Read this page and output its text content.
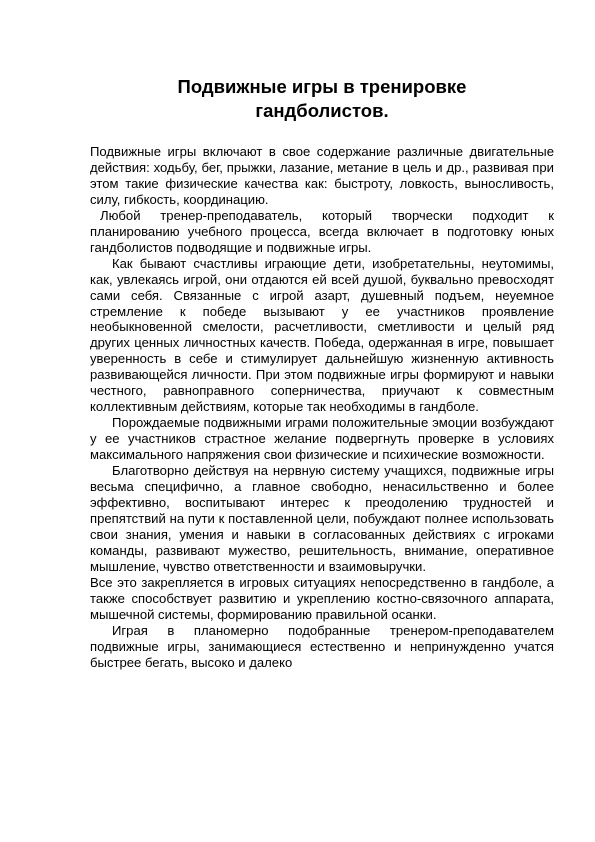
Подвижные игры в тренировке
гандболистов.

Подвижные игры включают в свое содержание различные двигательные действия: ходьбу, бег, прыжки, лазание, метание в цель и др., развивая при этом такие физические качества как: быстроту, ловкость, выносливость, силу, гибкость, координацию.

Любой тренер-преподаватель, который творчески подходит к планированию учебного процесса, всегда включает в подготовку юных гандболистов подводящие и подвижные игры.

Как бывают счастливы играющие дети, изобретательны, неутомимы, как, увлекаясь игрой, они отдаются ей всей душой, буквально превосходят сами себя. Связанные с игрой азарт, душевный подъем, неуемное стремление к победе вызывают у ее участников проявление необыкновенной смелости, расчетливости, сметливости и целый ряд других ценных личностных качеств. Победа, одержанная в игре, повышает уверенность в себе и стимулирует дальнейшую жизненную активность развивающейся личности. При этом подвижные игры формируют и навыки честного, равноправного соперничества, приучают к совместным коллективным действиям, которые так необходимы в гандболе.

Порождаемые подвижными играми положительные эмоции возбуждают у ее участников страстное желание подвергнуть проверке в условиях максимального напряжения свои физические и психические возможности.

Благотворно действуя на нервную систему учащихся, подвижные игры весьма специфично, а главное свободно, ненасильственно и более эффективно, воспитывают интерес к преодолению трудностей и препятствий на пути к поставленной цели, побуждают полнее использовать свои знания, умения и навыки в согласованных действиях с игроками команды, развивают мужество, решительность, внимание, оперативное мышление, чувство ответственности и взаимовыручки.

Все это закрепляется в игровых ситуациях непосредственно в гандболе, а также способствует развитию и укреплению костно-связочного аппарата, мышечной системы, формированию правильной осанки.

Играя в планомерно подобранные тренером-преподавателем подвижные игры, занимающиеся естественно и непринужденно учатся быстрее бегать, высоко и далеко
